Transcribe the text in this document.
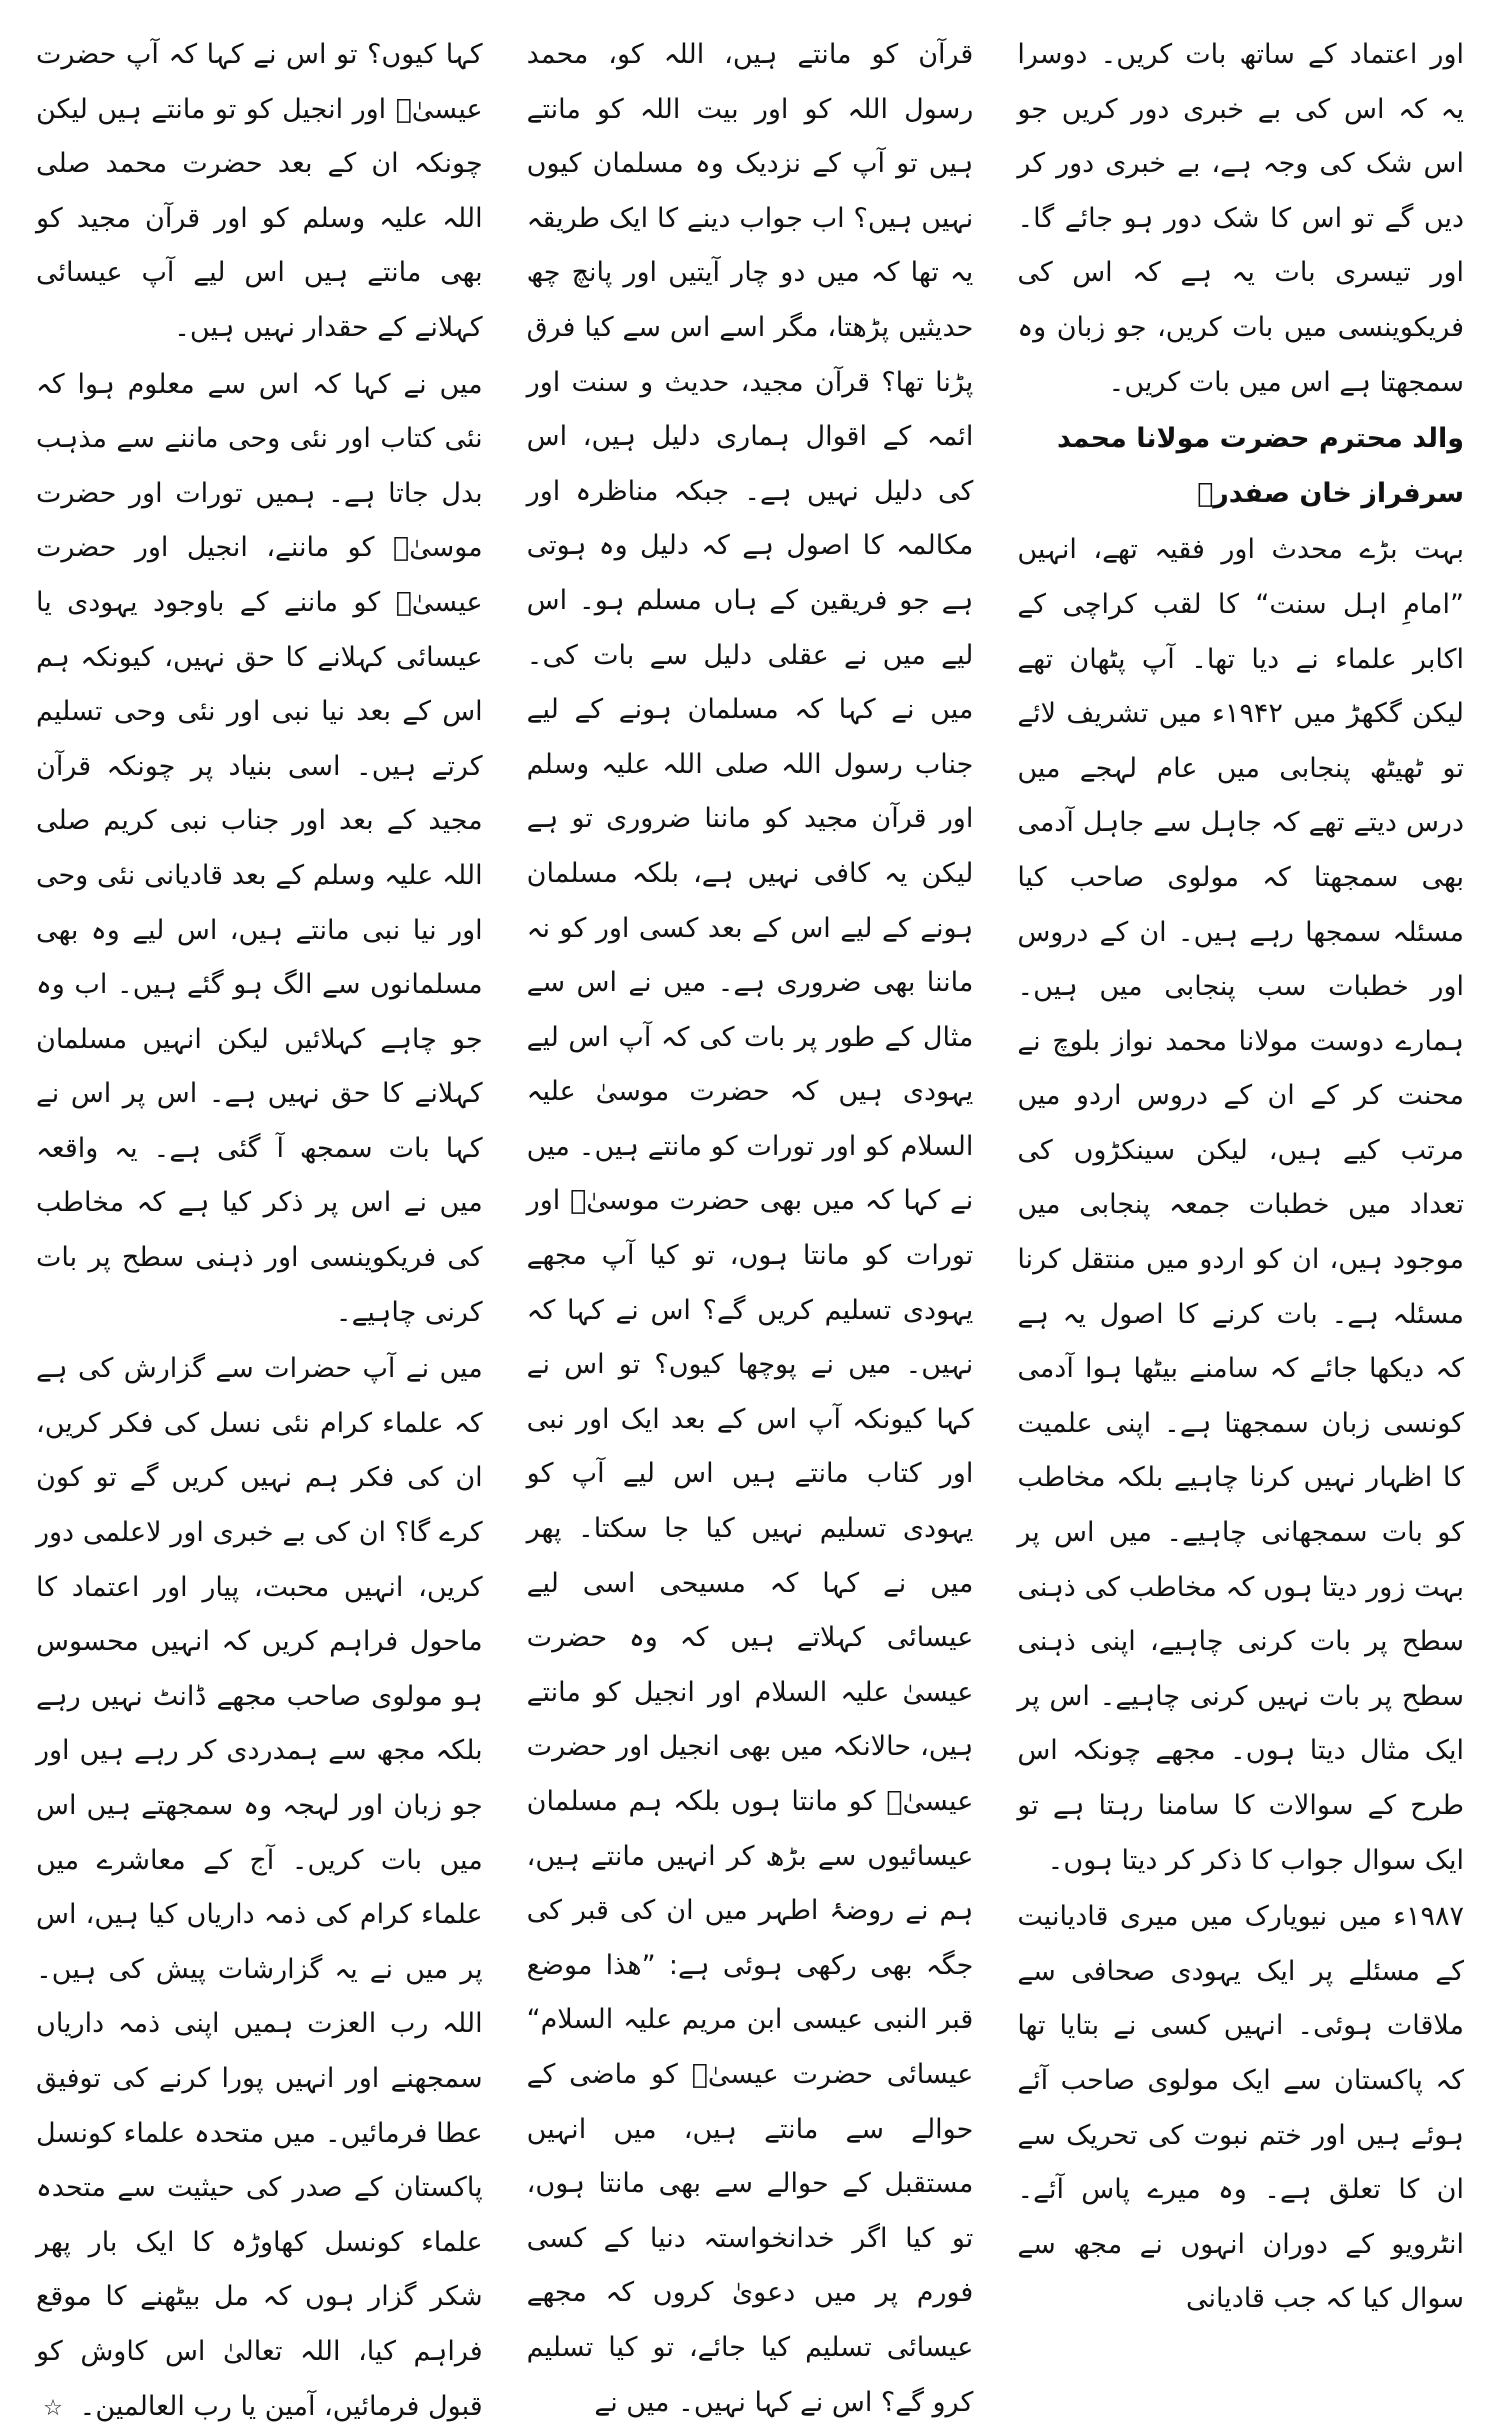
اور اعتماد کے ساتھ بات کریں۔ دوسرا یہ کہ اس کی بے خبری دور کریں جو اس شک کی وجہ ہے، بے خبری دور کر دیں گے تو اس کا شک دور ہو جائے گا۔ اور تیسری بات یہ ہے کہ اس کی فریکوینسی میں بات کریں، جو زبان وہ سمجھتا ہے اس میں بات کریں۔

والد محترم حضرت مولانا محمد سرفراز خان صفدرؒ

بہت بڑے محدث اور فقیہ تھے، انہیں ”امامِ اہل سنت“ کا لقب کراچی کے اکابر علماء نے دیا تھا۔ آپ پٹھان تھے لیکن گکھڑ میں ۱۹۴۲ء میں تشریف لائے تو ٹھیٹھ پنجابی میں عام لہجے میں درس دیتے تھے کہ جاہل سے جاہل آدمی بھی سمجھتا کہ مولوی صاحب کیا مسئلہ سمجھا رہے ہیں۔ ان کے دروس اور خطبات سب پنجابی میں ہیں۔ ہمارے دوست مولانا محمد نواز بلوچ نے محنت کر کے ان کے دروس اردو میں مرتب کیے ہیں، لیکن سینکڑوں کی تعداد میں خطبات جمعہ پنجابی میں موجود ہیں، ان کو اردو میں منتقل کرنا مسئلہ ہے۔ بات کرنے کا اصول یہ ہے کہ دیکھا جائے کہ سامنے بیٹھا ہوا آدمی کونسی زبان سمجھتا ہے۔ اپنی علمیت کا اظہار نہیں کرنا چاہیے بلکہ مخاطب کو بات سمجھانی چاہیے۔ میں اس پر بہت زور دیتا ہوں کہ مخاطب کی ذہنی سطح پر بات کرنی چاہیے، اپنی ذہنی سطح پر بات نہیں کرنی چاہیے۔ اس پر ایک مثال دیتا ہوں۔ مجھے چونکہ اس طرح کے سوالات کا سامنا رہتا ہے تو ایک سوال جواب کا ذکر کر دیتا ہوں۔

۱۹۸۷ء میں نیویارک میں میری قادیانیت کے مسئلے پر ایک یہودی صحافی سے ملاقات ہوئی۔ انہیں کسی نے بتایا تھا کہ پاکستان سے ایک مولوی صاحب آئے ہوئے ہیں اور ختم نبوت کی تحریک سے ان کا تعلق ہے۔ وہ میرے پاس آئے۔ انٹرویو کے دوران انہوں نے مجھ سے سوال کیا کہ جب قادیانی

قرآن کو مانتے ہیں، اللہ کو، محمد رسول اللہ کو اور بیت اللہ کو مانتے ہیں تو آپ کے نزدیک وہ مسلمان کیوں نہیں ہیں؟ اب جواب دینے کا ایک طریقہ یہ تھا کہ میں دو چار آیتیں اور پانچ چھ حدیثیں پڑھتا، مگر اسے اس سے کیا فرق پڑنا تھا؟ قرآن مجید، حدیث و سنت اور ائمہ کے اقوال ہماری دلیل ہیں، اس کی دلیل نہیں ہے۔ جبکہ مناظرہ اور مکالمہ کا اصول ہے کہ دلیل وہ ہوتی ہے جو فریقین کے ہاں مسلم ہو۔ اس لیے میں نے عقلی دلیل سے بات کی۔ میں نے کہا کہ مسلمان ہونے کے لیے جناب رسول اللہ صلی اللہ علیہ وسلم اور قرآن مجید کو ماننا ضروری تو ہے لیکن یہ کافی نہیں ہے، بلکہ مسلمان ہونے کے لیے اس کے بعد کسی اور کو نہ ماننا بھی ضروری ہے۔ میں نے اس سے مثال کے طور پر بات کی کہ آپ اس لیے یہودی ہیں کہ حضرت موسیٰ علیہ السلام کو اور تورات کو مانتے ہیں۔ میں نے کہا کہ میں بھی حضرت موسیٰؑ اور تورات کو مانتا ہوں، تو کیا آپ مجھے یہودی تسلیم کریں گے؟ اس نے کہا کہ نہیں۔ میں نے پوچھا کیوں؟ تو اس نے کہا کیونکہ آپ اس کے بعد ایک اور نبی اور کتاب مانتے ہیں اس لیے آپ کو یہودی تسلیم نہیں کیا جا سکتا۔ پھر میں نے کہا کہ مسیحی اسی لیے عیسائی کہلاتے ہیں کہ وہ حضرت عیسیٰ علیہ السلام اور انجیل کو مانتے ہیں، حالانکہ میں بھی انجیل اور حضرت عیسیٰؑ کو مانتا ہوں بلکہ ہم مسلمان عیسائیوں سے بڑھ کر انہیں مانتے ہیں، ہم نے روضۂ اطہر میں ان کی قبر کی جگہ بھی رکھی ہوئی ہے: ”ھذا موضع قبر النبی عیسی ابن مریم علیہ السلام“ عیسائی حضرت عیسیٰؑ کو ماضی کے حوالے سے مانتے ہیں، میں انہیں مستقبل کے حوالے سے بھی مانتا ہوں، تو کیا اگر خدانخواستہ دنیا کے کسی فورم پر میں دعویٰ کروں کہ مجھے عیسائی تسلیم کیا جائے، تو کیا تسلیم کرو گے؟ اس نے کہا نہیں۔ میں نے

کہا کیوں؟ تو اس نے کہا کہ آپ حضرت عیسیٰؑ اور انجیل کو تو مانتے ہیں لیکن چونکہ ان کے بعد حضرت محمد صلی اللہ علیہ وسلم کو اور قرآن مجید کو بھی مانتے ہیں اس لیے آپ عیسائی کہلانے کے حقدار نہیں ہیں۔

میں نے کہا کہ اس سے معلوم ہوا کہ نئی کتاب اور نئی وحی ماننے سے مذہب بدل جاتا ہے۔ ہمیں تورات اور حضرت موسیٰؑ کو ماننے، انجیل اور حضرت عیسیٰؑ کو ماننے کے باوجود یہودی یا عیسائی کہلانے کا حق نہیں، کیونکہ ہم اس کے بعد نیا نبی اور نئی وحی تسلیم کرتے ہیں۔ اسی بنیاد پر چونکہ قرآن مجید کے بعد اور جناب نبی کریم صلی اللہ علیہ وسلم کے بعد قادیانی نئی وحی اور نیا نبی مانتے ہیں، اس لیے وہ بھی مسلمانوں سے الگ ہو گئے ہیں۔ اب وہ جو چاہے کہلائیں لیکن انہیں مسلمان کہلانے کا حق نہیں ہے۔ اس پر اس نے کہا بات سمجھ آ گئی ہے۔ یہ واقعہ میں نے اس پر ذکر کیا ہے کہ مخاطب کی فریکوینسی اور ذہنی سطح پر بات کرنی چاہیے۔

میں نے آپ حضرات سے گزارش کی ہے کہ علماء کرام نئی نسل کی فکر کریں، ان کی فکر ہم نہیں کریں گے تو کون کرے گا؟ ان کی بے خبری اور لاعلمی دور کریں، انہیں محبت، پیار اور اعتماد کا ماحول فراہم کریں کہ انہیں محسوس ہو مولوی صاحب مجھے ڈانٹ نہیں رہے بلکہ مجھ سے ہمدردی کر رہے ہیں اور جو زبان اور لہجہ وہ سمجھتے ہیں اس میں بات کریں۔ آج کے معاشرے میں علماء کرام کی ذمہ داریاں کیا ہیں، اس پر میں نے یہ گزارشات پیش کی ہیں۔ اللہ رب العزت ہمیں اپنی ذمہ داریاں سمجھنے اور انہیں پورا کرنے کی توفیق عطا فرمائیں۔ میں متحدہ علماء کونسل پاکستان کے صدر کی حیثیت سے متحدہ علماء کونسل کھاوڑہ کا ایک بار پھر شکر گزار ہوں کہ مل بیٹھنے کا موقع فراہم کیا، اللہ تعالیٰ اس کاوش کو قبول فرمائیں، آمین یا رب العالمین۔ ☆
